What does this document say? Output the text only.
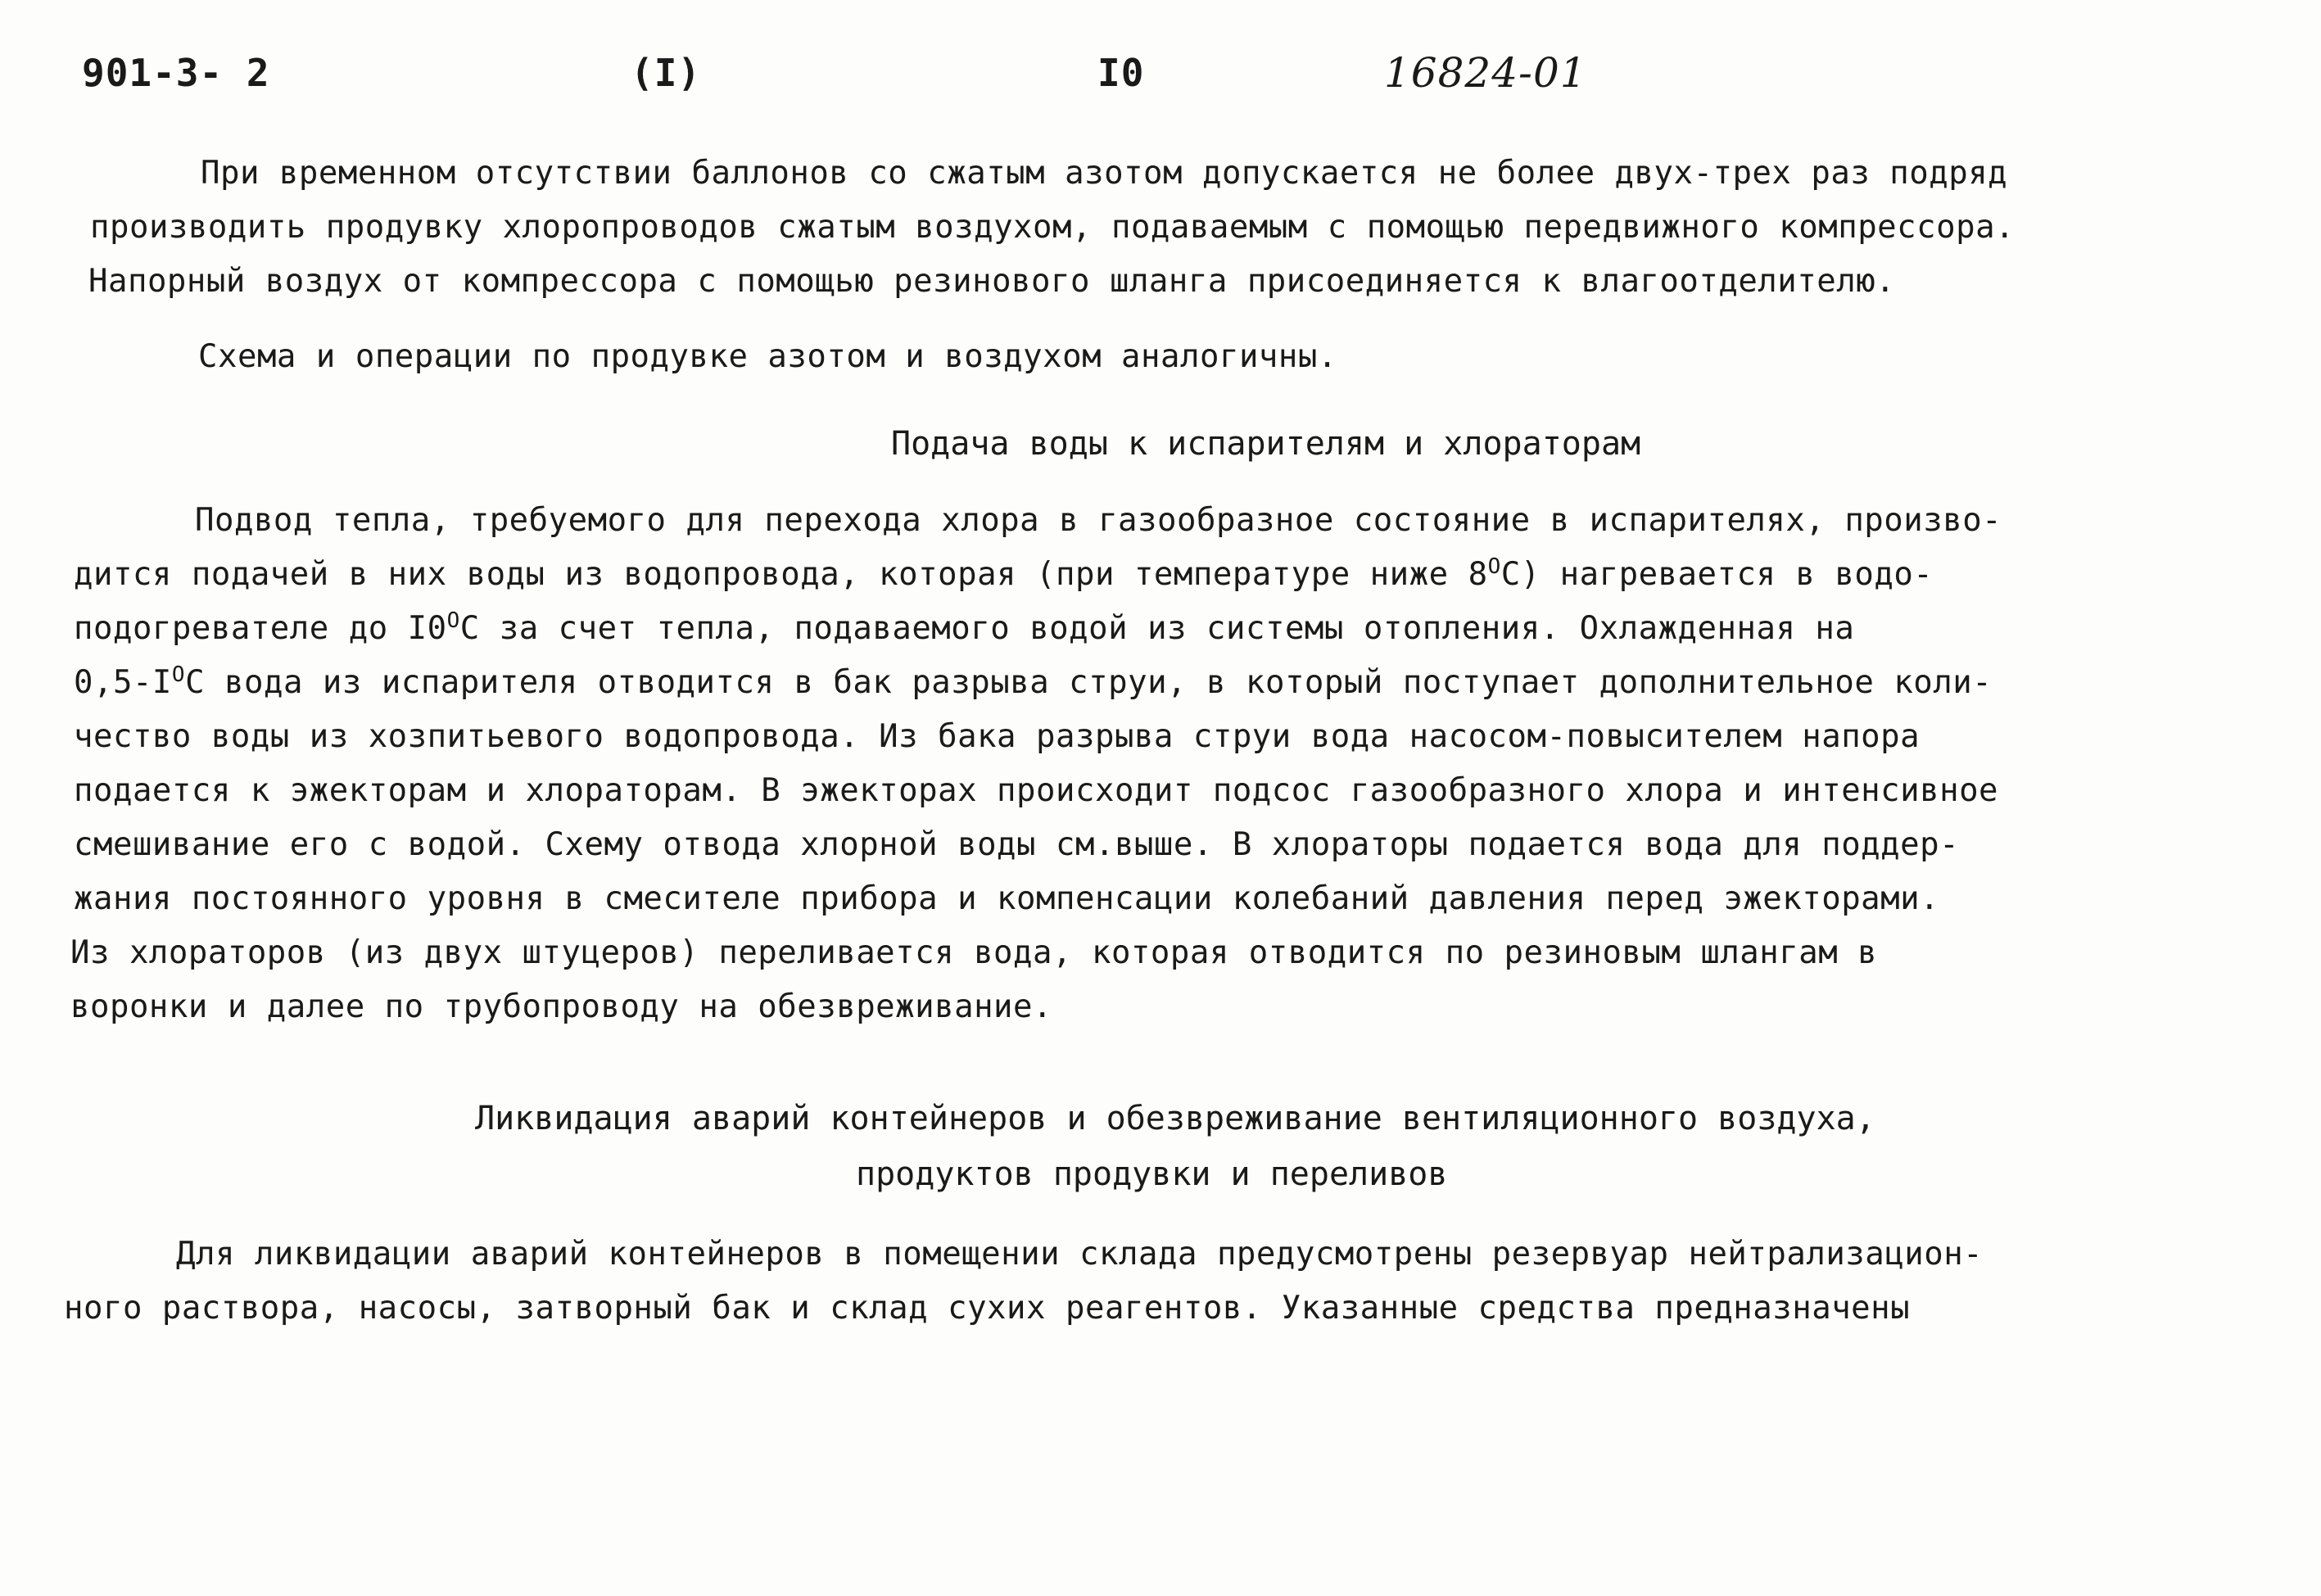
901-3- 2	(I)	I0	16824-01
При временном отсутствии баллонов со сжатым азотом допускается не более двух-трех раз подряд
производить продувку хлоропроводов сжатым воздухом, подаваемым с помощью передвижного компрессора.
Напорный воздух от компрессора с помощью резинового шланга присоединяется к влагоотделителю.
Схема и операции по продувке азотом и воздухом аналогичны.
Подача воды к испарителям и хлораторам
Подвод тепла, требуемого для перехода хлора в газообразное состояние в испарителях, произво-
дится подачей в них воды из водопровода, которая (при температуре ниже $8^OC$) нагревается в водо-
подогревателе до $I0^OC$ за счет тепла, подаваемого водой из системы отопления. Охлажденная на
$0,5-I^OC$ вода из испарителя отводится в бак разрыва струи, в который поступает дополнительное коли-
чество воды из хозпитьевого водопровода. Из бака разрыва струи вода насосом-повысителем напора
подается к эжекторам и хлораторам. В эжекторах происходит подсос газообразного хлора и интенсивное
смешивание его с водой. Схему отвода хлорной воды см.выше. В хлораторы подается вода для поддер-
жания постоянного уровня в смесителе прибора и компенсации колебаний давления перед эжекторами.
Из хлораторов (из двух штуцеров) переливается вода, которая отводится по резиновым шлангам в
воронки и далее по трубопроводу на обезвреживание.
Ликвидация аварий контейнеров и обезвреживание вентиляционного воздуха,
продуктов продувки и переливов
Для ликвидации аварий контейнеров в помещении склада предусмотрены резервуар нейтрализацион-
ного раствора, насосы, затворный бак и склад сухих реагентов. Указанные средства предназначены
